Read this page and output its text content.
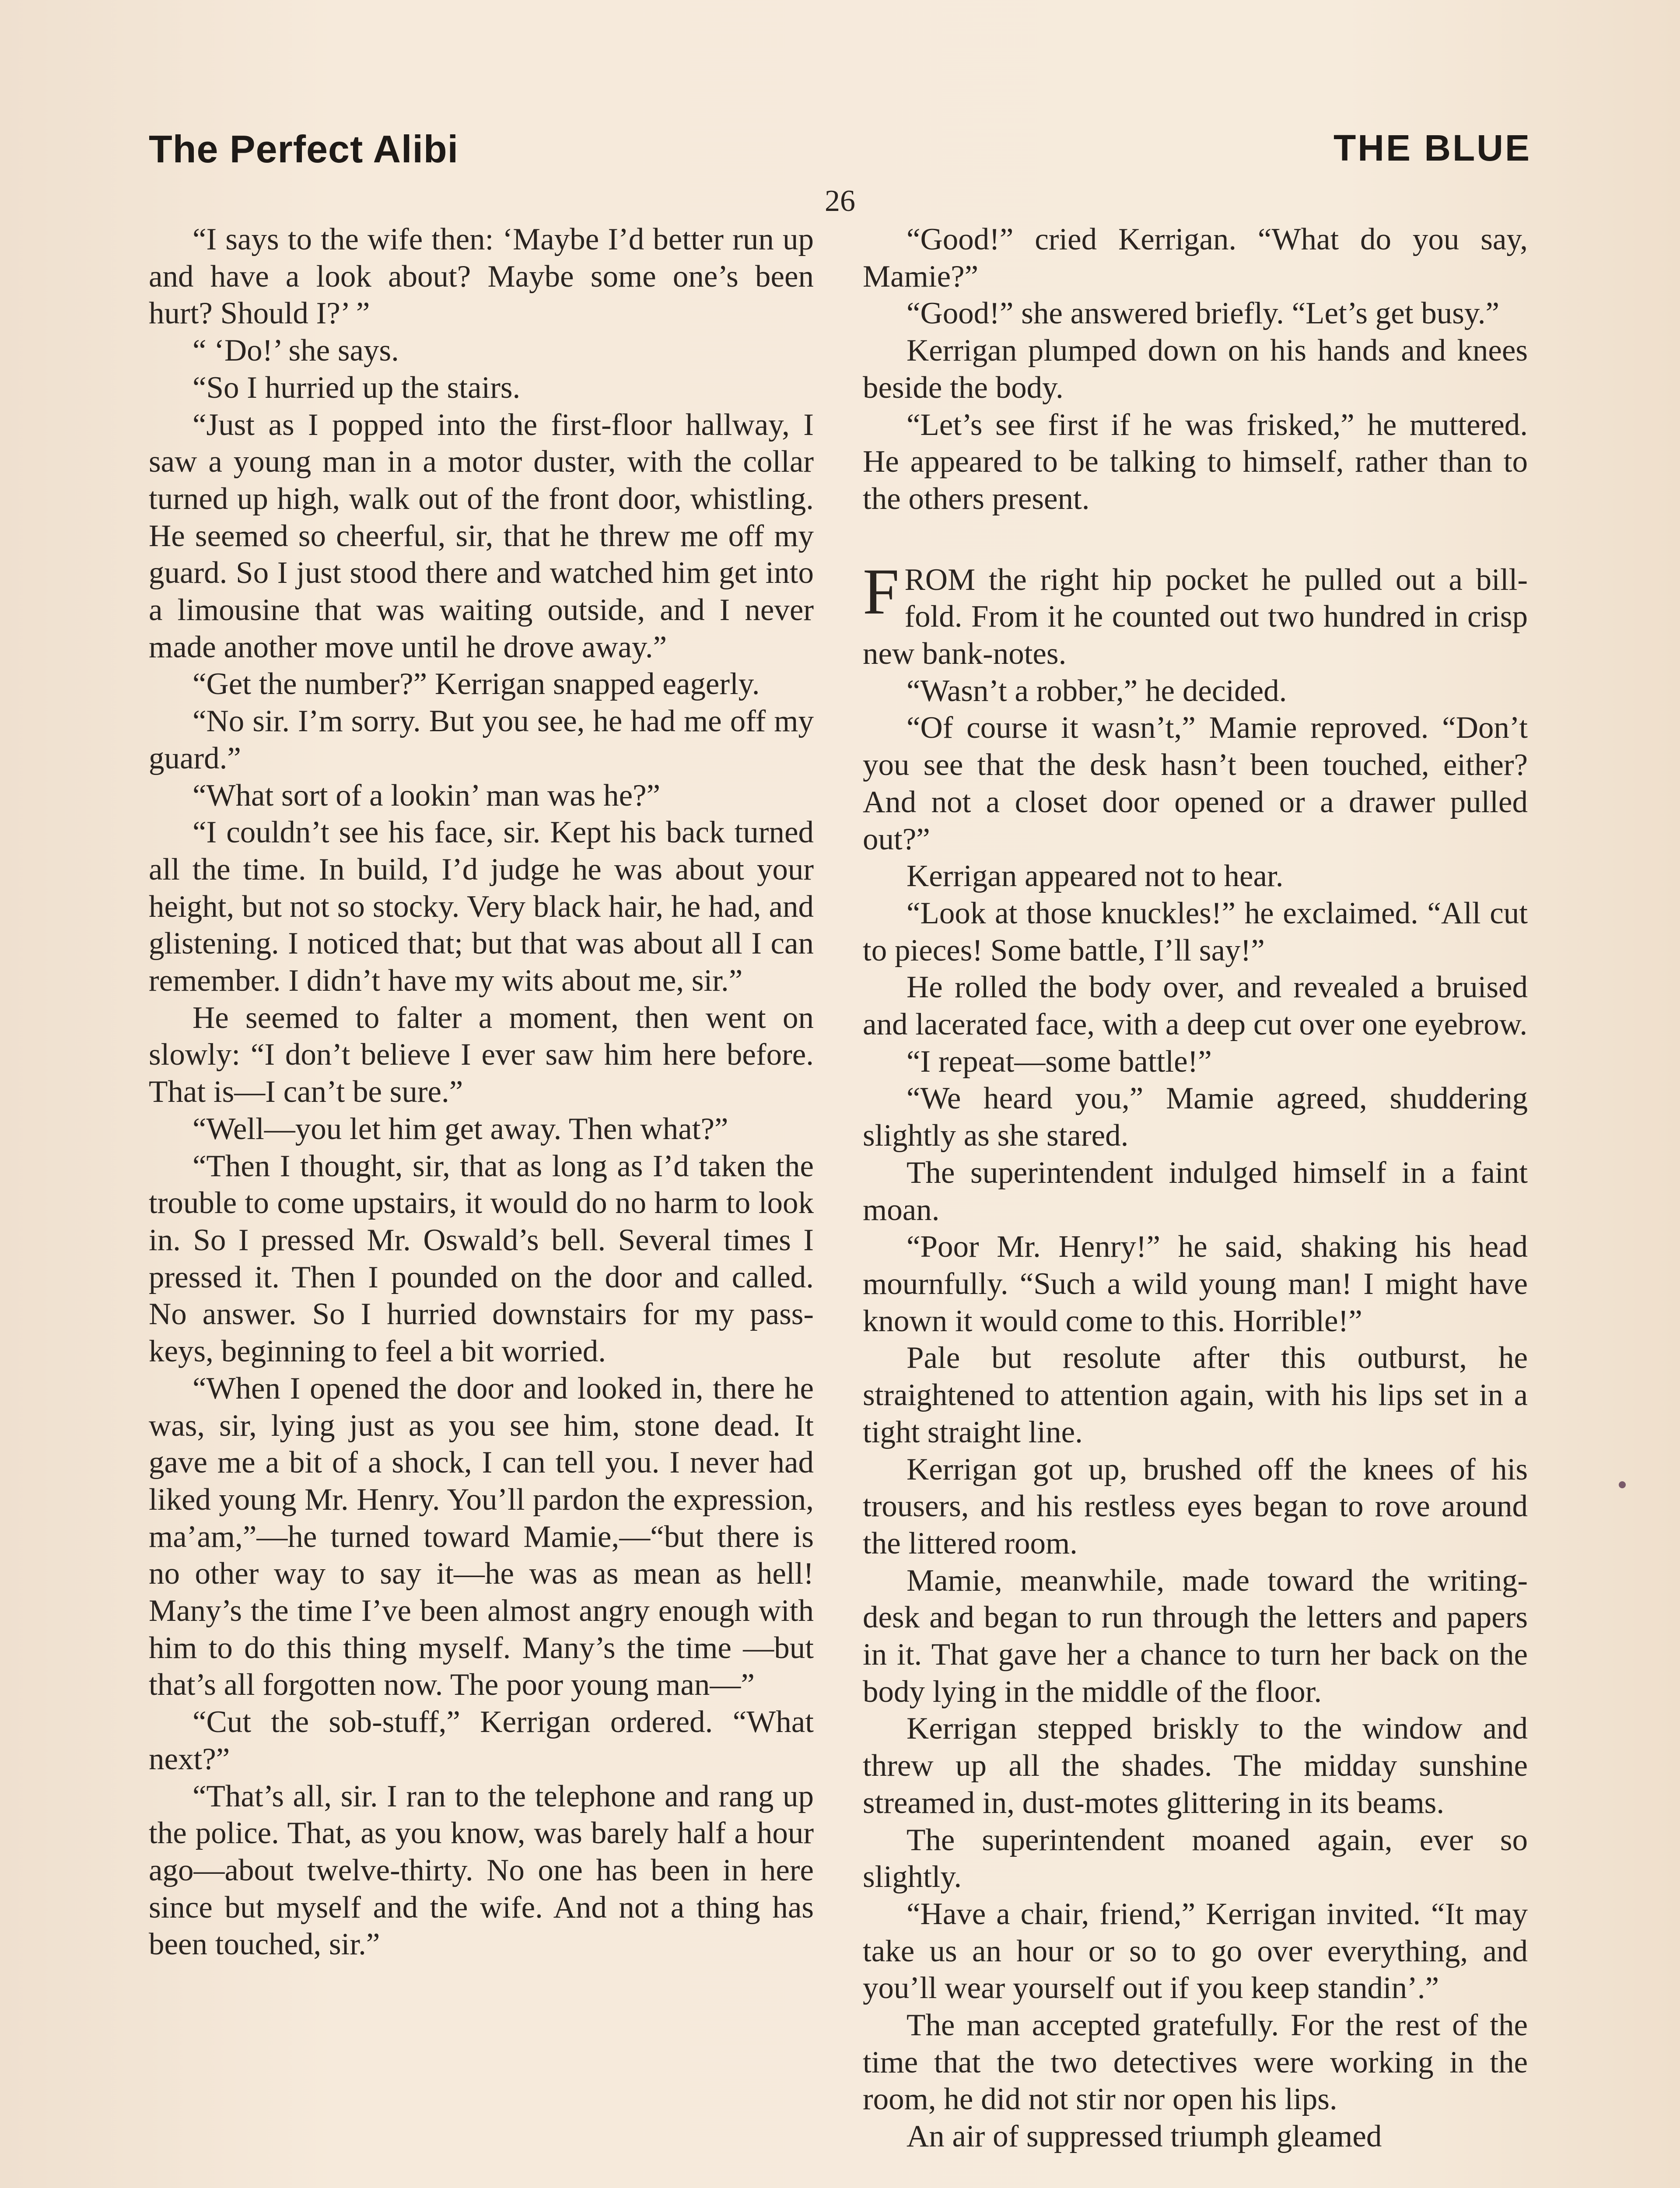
The Perfect Alibi	THE BLUE
26

“I says to the wife then: ‘Maybe I’d better run up and have a look about? Maybe some one’s been hurt? Should I?’ ”

“ ‘Do!’ she says.

“So I hurried up the stairs.

“Just as I popped into the first-floor hallway, I saw a young man in a motor duster, with the collar turned up high, walk out of the front door, whistling. He seemed so cheerful, sir, that he threw me off my guard. So I just stood there and watched him get into a limousine that was waiting outside, and I never made another move until he drove away.”

“Get the number?” Kerrigan snapped eagerly.

“No sir. I’m sorry. But you see, he had me off my guard.”

“What sort of a lookin’ man was he?”

“I couldn’t see his face, sir. Kept his back turned all the time. In build, I’d judge he was about your height, but not so stocky. Very black hair, he had, and glistening. I noticed that; but that was about all I can remember. I didn’t have my wits about me, sir.”

He seemed to falter a moment, then went on slowly: “I don’t believe I ever saw him here before. That is—I can’t be sure.”

“Well—you let him get away. Then what?”

“Then I thought, sir, that as long as I’d taken the trouble to come upstairs, it would do no harm to look in. So I pressed Mr. Oswald’s bell. Several times I pressed it. Then I pounded on the door and called. No answer. So I hurried downstairs for my pass-keys, beginning to feel a bit worried.

“When I opened the door and looked in, there he was, sir, lying just as you see him, stone dead. It gave me a bit of a shock, I can tell you. I never had liked young Mr. Henry. You’ll pardon the expression, ma’am,”—he turned toward Mamie,—“but there is no other way to say it—he was as mean as hell! Many’s the time I’ve been almost angry enough with him to do this thing myself. Many’s the time —but that’s all forgotten now. The poor young man—”

“Cut the sob-stuff,” Kerrigan ordered. “What next?”

“That’s all, sir. I ran to the telephone and rang up the police. That, as you know, was barely half a hour ago—about twelve-thirty. No one has been in here since but myself and the wife. And not a thing has been touched, sir.”

“Good!” cried Kerrigan. “What do you say, Mamie?”

“Good!” she answered briefly. “Let’s get busy.”

Kerrigan plumped down on his hands and knees beside the body.

“Let’s see first if he was frisked,” he muttered. He appeared to be talking to himself, rather than to the others present.

FROM the right hip pocket he pulled out a bill-fold. From it he counted out two hundred in crisp new bank-notes.

“Wasn’t a robber,” he decided.

“Of course it wasn’t,” Mamie reproved. “Don’t you see that the desk hasn’t been touched, either? And not a closet door opened or a drawer pulled out?”

Kerrigan appeared not to hear.

“Look at those knuckles!” he exclaimed. “All cut to pieces! Some battle, I’ll say!”

He rolled the body over, and revealed a bruised and lacerated face, with a deep cut over one eyebrow.

“I repeat—some battle!”

“We heard you,” Mamie agreed, shuddering slightly as she stared.

The superintendent indulged himself in a faint moan.

“Poor Mr. Henry!” he said, shaking his head mournfully. “Such a wild young man! I might have known it would come to this. Horrible!”

Pale but resolute after this outburst, he straightened to attention again, with his lips set in a tight straight line.

Kerrigan got up, brushed off the knees of his trousers, and his restless eyes began to rove around the littered room.

Mamie, meanwhile, made toward the writing-desk and began to run through the letters and papers in it. That gave her a chance to turn her back on the body lying in the middle of the floor.

Kerrigan stepped briskly to the window and threw up all the shades. The midday sunshine streamed in, dust-motes glittering in its beams.

The superintendent moaned again, ever so slightly.

“Have a chair, friend,” Kerrigan invited. “It may take us an hour or so to go over everything, and you’ll wear yourself out if you keep standin’.”

The man accepted gratefully. For the rest of the time that the two detectives were working in the room, he did not stir nor open his lips.

An air of suppressed triumph gleamed
